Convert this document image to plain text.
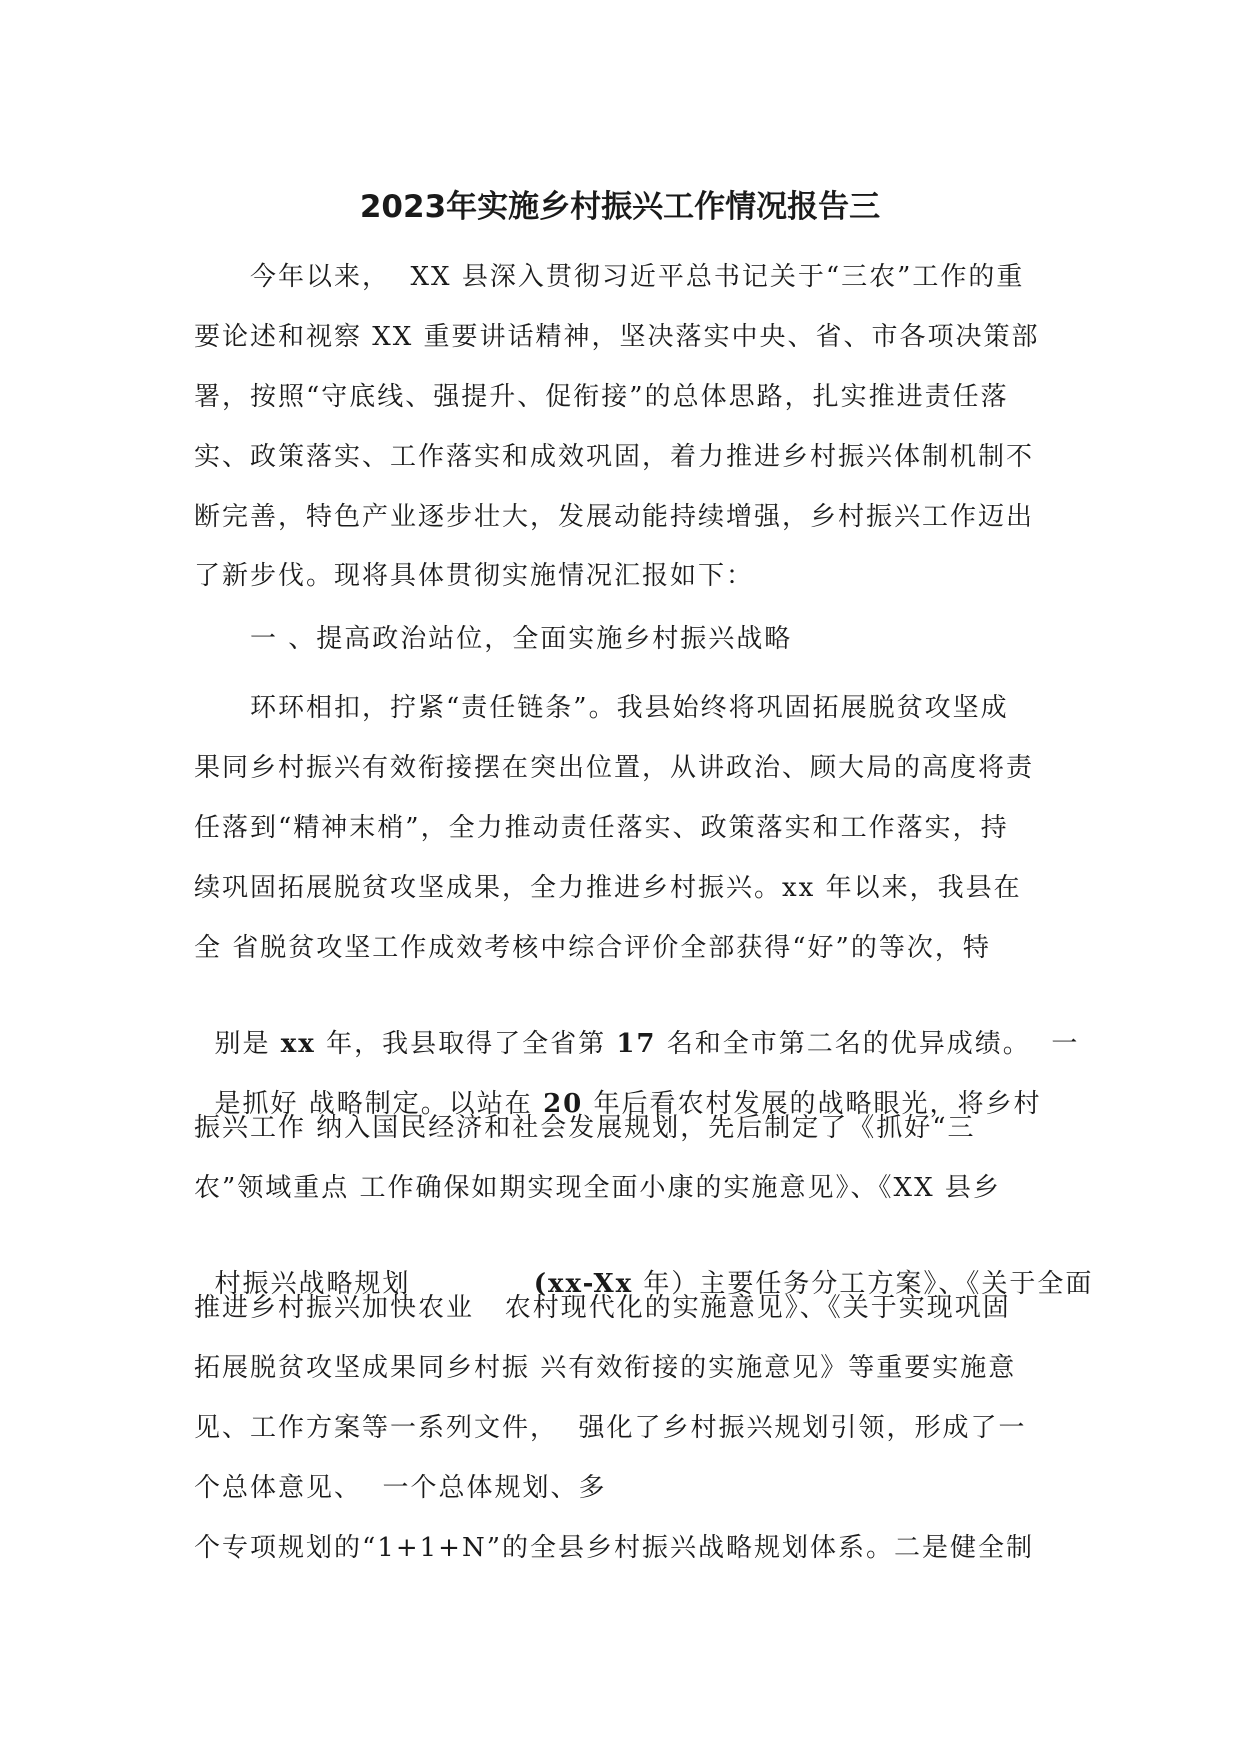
2023年实施乡村振兴工作情况报告三
　　今年以来，  XX 县深入贯彻习近平总书记关于“三农”工作的重
要论述和视察 XX 重要讲话精神，坚决落实中央、省、市各项决策部
署，按照“守底线、强提升、促衔接”的总体思路，扎实推进责任落
实、政策落实、工作落实和成效巩固，着力推进乡村振兴体制机制不
断完善，特色产业逐步壮大，发展动能持续增强，乡村振兴工作迈出
了新步伐。现将具体贯彻实施情况汇报如下：
　　一 、提高政治站位，全面实施乡村振兴战略
　　环环相扣，拧紧“责任链条”。我县始终将巩固拓展脱贫攻坚成
果同乡村振兴有效衔接摆在突出位置，从讲政治、顾大局的高度将责
任落到“精神末梢”，全力推动责任落实、政策落实和工作落实，持
续巩固拓展脱贫攻坚成果，全力推进乡村振兴。xx 年以来，我县在
全 省脱贫攻坚工作成效考核中综合评价全部获得“好”的等次，特

别是 xx 年，我县取得了全省第 17 名和全市第二名的优异成绩。  一

是抓好 战略制定。以站在 20 年后看农村发展的战略眼光，将乡村

振兴工作 纳入国民经济和社会发展规划，先后制定了《抓好“三
农”领域重点 工作确保如期实现全面小康的实施意见》、《XX 县乡

村振兴战略规划            (xx-Xx 年）主要任务分工方案》、《关于全面

推进乡村振兴加快农业   农村现代化的实施意见》、《关于实现巩固
拓展脱贫攻坚成果同乡村振 兴有效衔接的实施意见》等重要实施意
见、工作方案等一系列文件，  强化了乡村振兴规划引领，形成了一
个总体意见、  一个总体规划、多
个专项规划的“1+1+N”的全县乡村振兴战略规划体系。二是健全制
